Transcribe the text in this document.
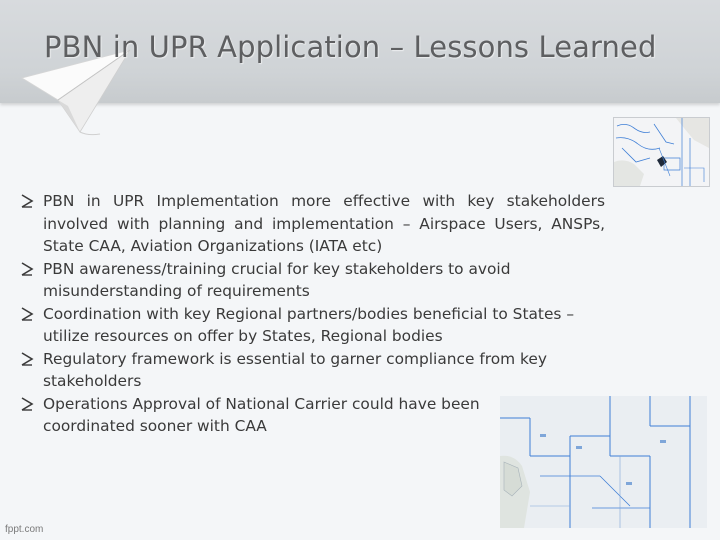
PBN in UPR Application – Lessons Learned
PBN in UPR Implementation more effective with key stakeholders involved with planning and implementation – Airspace Users, ANSPs, State CAA, Aviation Organizations (IATA etc)
PBN awareness/training crucial for key stakeholders to avoid misunderstanding of requirements
Coordination with key Regional partners/bodies beneficial to States – utilize resources on offer by States, Regional bodies
Regulatory framework is essential to garner compliance from key stakeholders
Operations Approval of National Carrier could have been coordinated sooner with CAA
fppt.com
